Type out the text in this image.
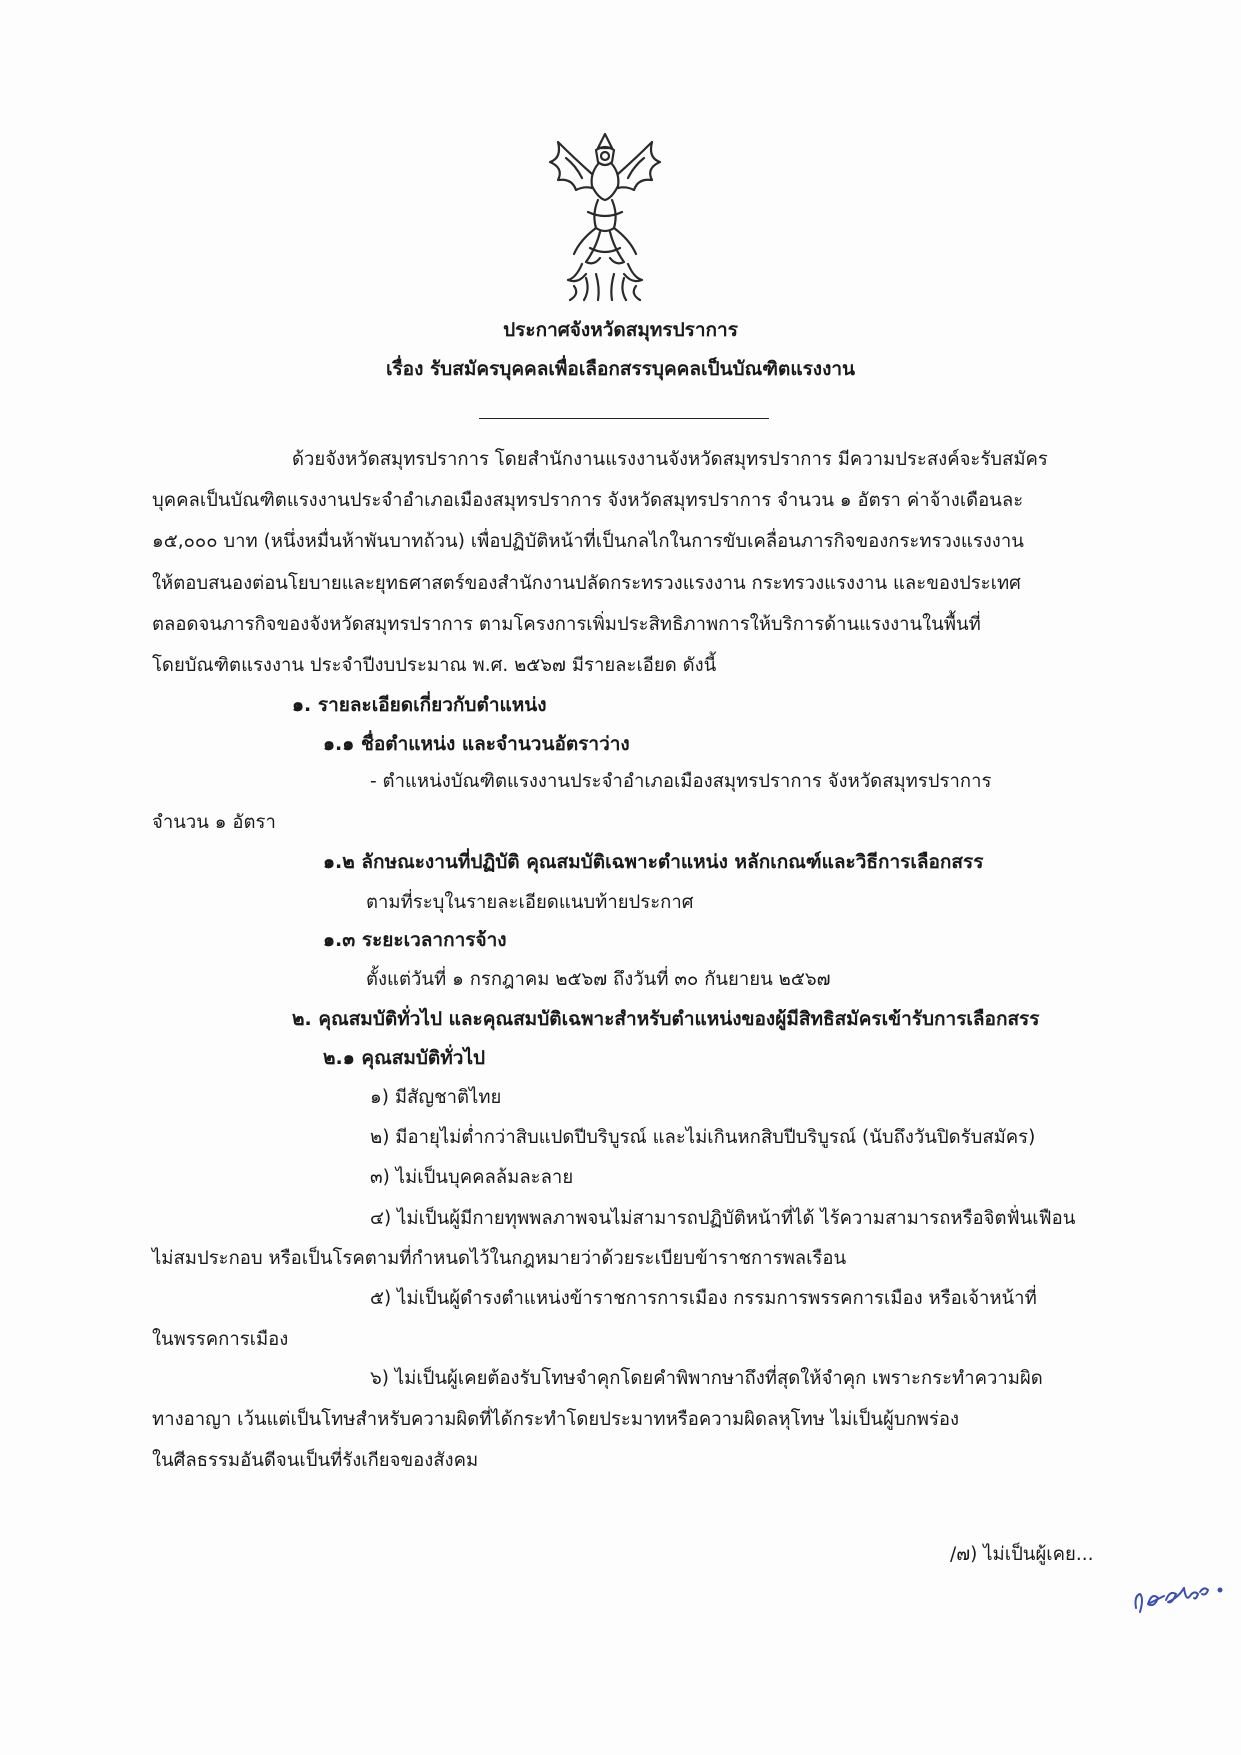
ประกาศจังหวัดสมุทรปราการ
เรื่อง รับสมัครบุคคลเพื่อเลือกสรรบุคคลเป็นบัณฑิตแรงงาน
ด้วยจังหวัดสมุทรปราการ โดยสำนักงานแรงงานจังหวัดสมุทรปราการ มีความประสงค์จะรับสมัคร
บุคคลเป็นบัณฑิตแรงงานประจำอำเภอเมืองสมุทรปราการ จังหวัดสมุทรปราการ จำนวน ๑ อัตรา ค่าจ้างเดือนละ
๑๕,๐๐๐ บาท (หนึ่งหมื่นห้าพันบาทถ้วน) เพื่อปฏิบัติหน้าที่เป็นกลไกในการขับเคลื่อนภารกิจของกระทรวงแรงงาน
ให้ตอบสนองต่อนโยบายและยุทธศาสตร์ของสำนักงานปลัดกระทรวงแรงงาน กระทรวงแรงงาน และของประเทศ
ตลอดจนภารกิจของจังหวัดสมุทรปราการ ตามโครงการเพิ่มประสิทธิภาพการให้บริการด้านแรงงานในพื้นที่
โดยบัณฑิตแรงงาน ประจำปีงบประมาณ พ.ศ. ๒๕๖๗ มีรายละเอียด ดังนี้
๑. รายละเอียดเกี่ยวกับตำแหน่ง
๑.๑ ชื่อตำแหน่ง และจำนวนอัตราว่าง
- ตำแหน่งบัณฑิตแรงงานประจำอำเภอเมืองสมุทรปราการ จังหวัดสมุทรปราการ
จำนวน ๑ อัตรา
๑.๒ ลักษณะงานที่ปฏิบัติ คุณสมบัติเฉพาะตำแหน่ง หลักเกณฑ์และวิธีการเลือกสรร
ตามที่ระบุในรายละเอียดแนบท้ายประกาศ
๑.๓ ระยะเวลาการจ้าง
ตั้งแต่วันที่ ๑ กรกฎาคม ๒๕๖๗ ถึงวันที่ ๓๐ กันยายน ๒๕๖๗
๒. คุณสมบัติทั่วไป และคุณสมบัติเฉพาะสำหรับตำแหน่งของผู้มีสิทธิสมัครเข้ารับการเลือกสรร
๒.๑ คุณสมบัติทั่วไป
๑) มีสัญชาติไทย
๒) มีอายุไม่ต่ำกว่าสิบแปดปีบริบูรณ์ และไม่เกินหกสิบปีบริบูรณ์ (นับถึงวันปิดรับสมัคร)
๓) ไม่เป็นบุคคลล้มละลาย
๔) ไม่เป็นผู้มีกายทุพพลภาพจนไม่สามารถปฏิบัติหน้าที่ได้ ไร้ความสามารถหรือจิตฟั่นเฟือน
ไม่สมประกอบ หรือเป็นโรคตามที่กำหนดไว้ในกฎหมายว่าด้วยระเบียบข้าราชการพลเรือน
๕) ไม่เป็นผู้ดำรงตำแหน่งข้าราชการการเมือง กรรมการพรรคการเมือง หรือเจ้าหน้าที่
ในพรรคการเมือง
๖) ไม่เป็นผู้เคยต้องรับโทษจำคุกโดยคำพิพากษาถึงที่สุดให้จำคุก เพราะกระทำความผิด
ทางอาญา เว้นแต่เป็นโทษสำหรับความผิดที่ได้กระทำโดยประมาทหรือความผิดลหุโทษ ไม่เป็นผู้บกพร่อง
ในศีลธรรมอันดีจนเป็นที่รังเกียจของสังคม
/๗) ไม่เป็นผู้เคย...
